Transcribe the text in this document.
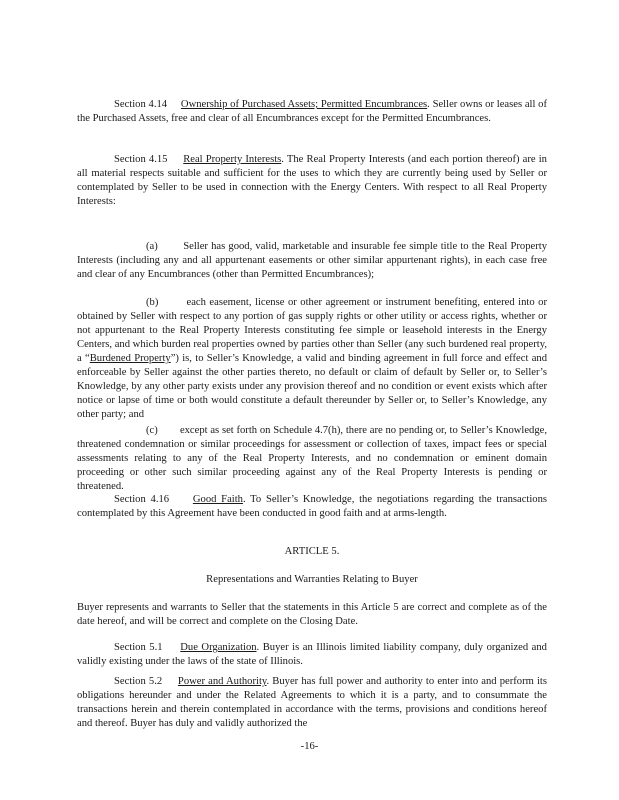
Section 4.14 Ownership of Purchased Assets; Permitted Encumbrances. Seller owns or leases all of the Purchased Assets, free and clear of all Encumbrances except for the Permitted Encumbrances.

Section 4.15 Real Property Interests. The Real Property Interests (and each portion thereof) are in all material respects suitable and sufficient for the uses to which they are currently being used by Seller or contemplated by Seller to be used in connection with the Energy Centers. With respect to all Real Property Interests:

(a) Seller has good, valid, marketable and insurable fee simple title to the Real Property Interests (including any and all appurtenant easements or other similar appurtenant rights), in each case free and clear of any Encumbrances (other than Permitted Encumbrances);

(b)	each easement, license or other agreement or instrument benefiting, entered into or obtained by Seller with respect to any portion of gas supply rights or other utility or access rights, whether or not appurtenant to the Real Property Interests constituting fee simple or leasehold interests in the Energy Centers, and which burden real properties owned by parties other than Seller (any such burdened real property, a “Burdened Property”) is, to Seller’s Knowledge, a valid and binding agreement in full force and effect and enforceable by Seller against the other parties thereto, no default or claim of default by Seller or, to Seller’s Knowledge, by any other party exists under any provision thereof and no condition or event exists which after notice or lapse of time or both would constitute a default thereunder by Seller or, to Seller’s Knowledge, any other party; and

(c) except as set forth on Schedule 4.7(h), there are no pending or, to Seller’s Knowledge, threatened condemnation or similar proceedings for assessment or collection of taxes, impact fees or special assessments relating to any of the Real Property Interests, and no condemnation or eminent domain proceeding or other such similar proceeding against any of the Real Property Interests is pending or threatened.

Section 4.16 Good Faith. To Seller’s Knowledge, the negotiations regarding the transactions contemplated by this Agreement have been conducted in good faith and at arms-length.

ARTICLE 5.

Representations and Warranties Relating to Buyer

Buyer represents and warrants to Seller that the statements in this Article 5 are correct and complete as of the date hereof, and will be correct and complete on the Closing Date.

Section 5.1 Due Organization. Buyer is an Illinois limited liability company, duly organized and validly existing under the laws of the state of Illinois.

Section 5.2 Power and Authority. Buyer has full power and authority to enter into and perform its obligations hereunder and under the Related Agreements to which it is a party, and to consummate the transactions herein and therein contemplated in accordance with the terms, provisions and conditions hereof and thereof. Buyer has duly and validly authorized the

-16-
